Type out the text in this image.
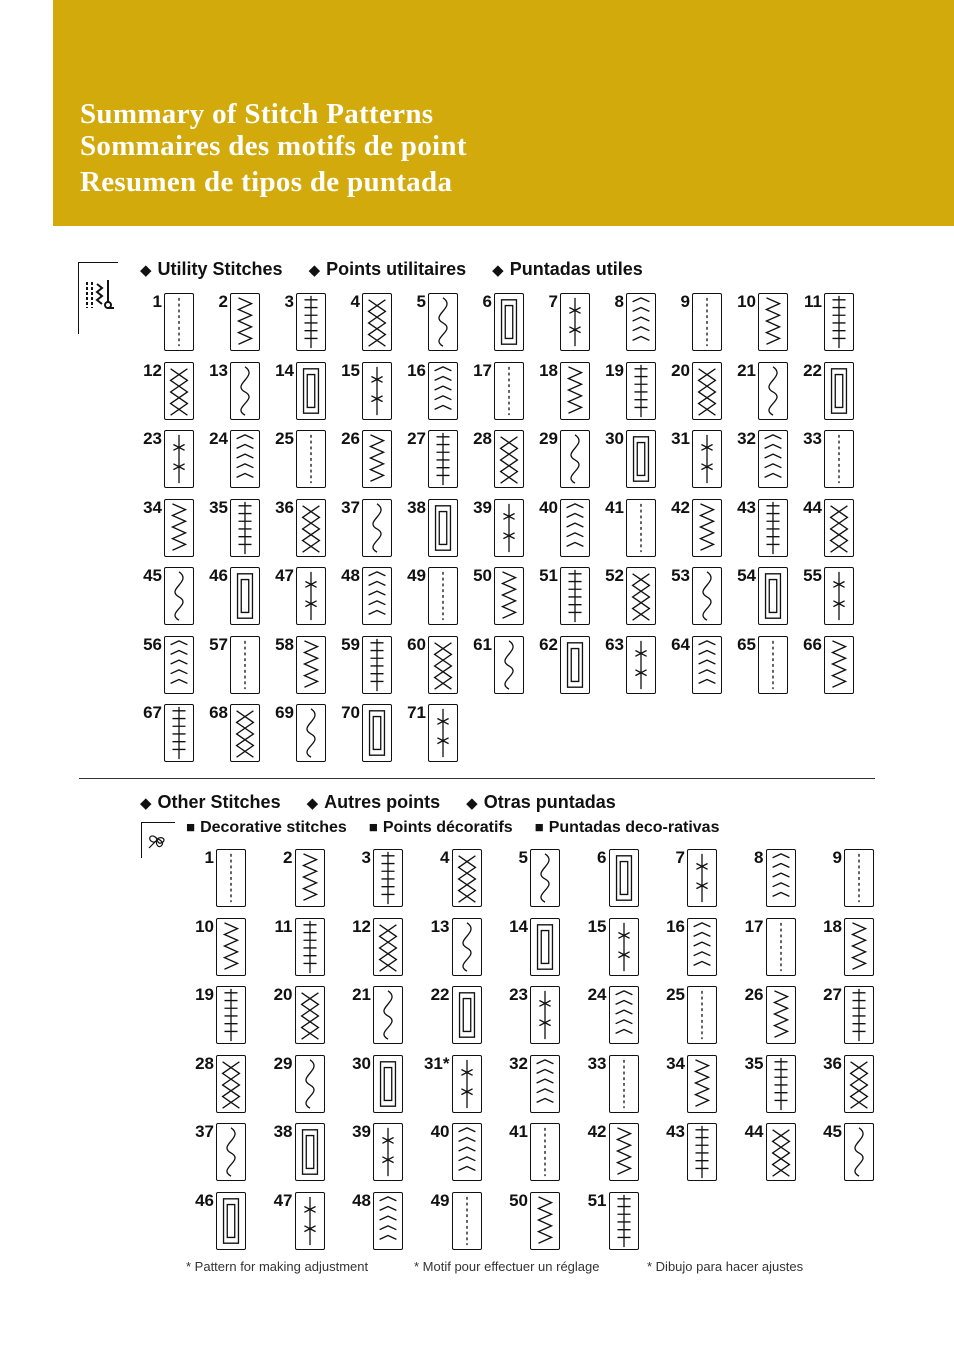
Summary of Stitch Patterns
Sommaires des motifs de point
Resumen de tipos de puntada
◆ Utility Stitches	◆ Points utilitaires	◆ Puntadas utiles
1	2	3	4	5	6	7	8	9	10	11
12	13	14	15	16	17	18	19	20	21	22
23	24	25	26	27	28	29	30	31	32	33
34	35	36	37	38	39	40	41	42	43	44
45	46	47	48	49	50	51	52	53	54	55
56	57	58	59	60	61	62	63	64	65	66
67	68	69	70	71
◆ Other Stitches	◆ Autres points	◆ Otras puntadas
■ Decorative stitches	■ Points décoratifs	■ Puntadas deco-rativas
1	2	3	4	5	6	7	8	9
10	11	12	13	14	15	16	17	18
19	20	21	22	23	24	25	26	27
28	29	30	31*	32	33	34	35	36
37	38	39	40	41	42	43	44	45
46	47	48	49	50	51
* Pattern for making adjustment	* Motif pour effectuer un réglage	* Dibujo para hacer ajustes
